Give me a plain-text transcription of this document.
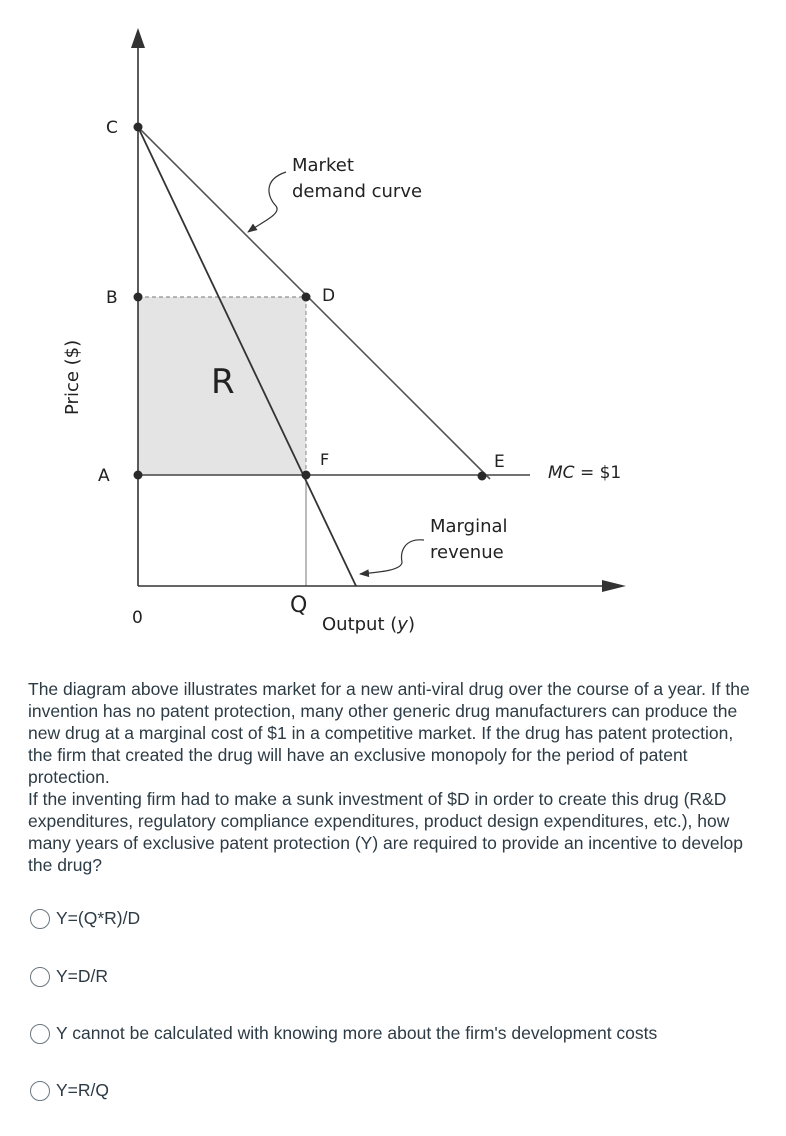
C
B
A
D
F	E
Q
0
R
Market
demand curve
Marginal
revenue
MC = $1
Price ($)
Output (y)

The diagram above illustrates market for a new anti-viral drug over the course of a year. If the invention has no patent protection, many other generic drug manufacturers can produce the new drug at a marginal cost of $1 in a competitive market. If the drug has patent protection, the firm that created the drug will have an exclusive monopoly for the period of patent protection.

If the inventing firm had to make a sunk investment of $D in order to create this drug (R&D expenditures, regulatory compliance expenditures, product design expenditures, etc.), how many years of exclusive patent protection (Y) are required to provide an incentive to develop the drug?

Y=(Q*R)/D
Y=D/R
Y cannot be calculated with knowing more about the firm's development costs
Y=R/Q
